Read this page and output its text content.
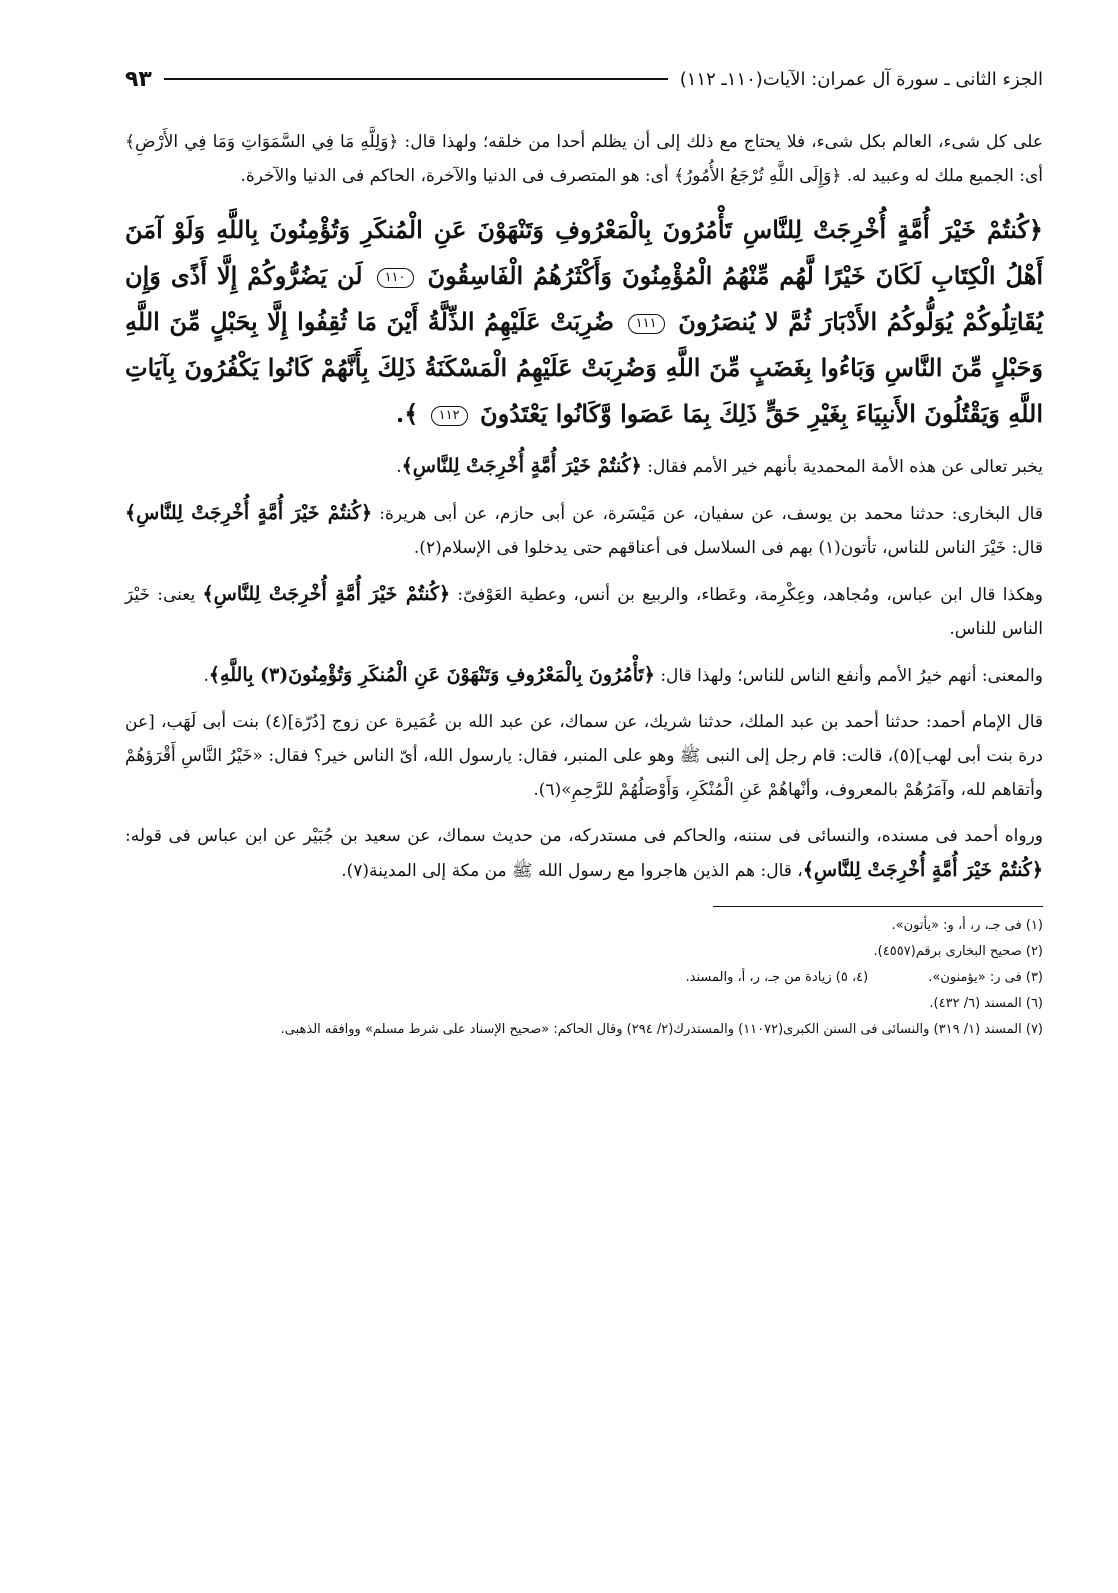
الجزء الثانى ـ سورة آل عمران: الآيات(١١٠ـ ١١٢)
٩٣

على كل شىء، العالم بكل شىء، فلا يحتاج مع ذلك إلى أن يظلم أحدا من خلقه؛ ولهذا قال: ﴿وَلِلَّهِ مَا فِي السَّمَوَاتِ وَمَا فِي الأَرْضِ﴾ أى: الجميع ملك له وعبيد له. ﴿وَإِلَى اللَّهِ تُرْجَعُ الأُمُورُ﴾ أى: هو المتصرف فى الدنيا والآخرة، الحاكم فى الدنيا والآخرة.

﴿كُنتُمْ خَيْرَ أُمَّةٍ أُخْرِجَتْ لِلنَّاسِ تَأْمُرُونَ بِالْمَعْرُوفِ وَتَنْهَوْنَ عَنِ الْمُنكَرِ وَتُؤْمِنُونَ بِاللَّهِ وَلَوْ آمَنَ أَهْلُ الْكِتَابِ لَكَانَ خَيْرًا لَّهُم مِّنْهُمُ الْمُؤْمِنُونَ وَأَكْثَرُهُمُ الْفَاسِقُونَ ١١٠ لَن يَضُرُّوكُمْ إِلَّا أَذًى وَإِن يُقَاتِلُوكُمْ يُوَلُّوكُمُ الأَدْبَارَ ثُمَّ لا يُنصَرُونَ ١١١ ضُرِبَتْ عَلَيْهِمُ الذِّلَّةُ أَيْنَ مَا ثُقِفُوا إِلَّا بِحَبْلٍ مِّنَ اللَّهِ وَحَبْلٍ مِّنَ النَّاسِ وَبَاءُوا بِغَضَبٍ مِّنَ اللَّهِ وَضُرِبَتْ عَلَيْهِمُ الْمَسْكَنَةُ ذَلِكَ بِأَنَّهُمْ كَانُوا يَكْفُرُونَ بِآيَاتِ اللَّهِ وَيَقْتُلُونَ الأَنبِيَاءَ بِغَيْرِ حَقٍّ ذَلِكَ بِمَا عَصَوا وَّكَانُوا يَعْتَدُونَ ١١٢ ﴾.

يخبر تعالى عن هذه الأمة المحمدية بأنهم خير الأمم فقال: ﴿كُنتُمْ خَيْرَ أُمَّةٍ أُخْرِجَتْ لِلنَّاسِ﴾.

قال البخارى: حدثنا محمد بن يوسف، عن سفيان، عن مَيْسَرة، عن أبى حازم، عن أبى هريرة: ﴿كُنتُمْ خَيْرَ أُمَّةٍ أُخْرِجَتْ لِلنَّاسِ﴾ قال: خَيْرَ الناس للناس، تأتون(١) بهم فى السلاسل فى أعناقهم حتى يدخلوا فى الإسلام(٢).

وهكذا قال ابن عباس، ومُجاهد، وعِكْرِمة، وعَطاء، والربيع بن أنس، وعطية العَوْفىّ: ﴿كُنتُمْ خَيْرَ أُمَّةٍ أُخْرِجَتْ لِلنَّاسِ﴾ يعنى: خَيْرَ الناس للناس.

والمعنى: أنهم خيرُ الأمم وأنفع الناس للناس؛ ولهذا قال: ﴿تَأْمُرُونَ بِالْمَعْرُوفِ وَتَنْهَوْنَ عَنِ الْمُنكَرِ وَتُؤْمِنُونَ(٣) بِاللَّهِ﴾.

قال الإمام أحمد: حدثنا أحمد بن عبد الملك، حدثنا شريك، عن سماك، عن عبد الله بن عُمَيرة عن زوج [دُرّة](٤) بنت أبى لَهَب، [عن درة بنت أبى لهب](٥)، قالت: قام رجل إلى النبى ﷺ وهو على المنبر، فقال: يارسول الله، أىّ الناس خير؟ فقال: «خَيْرُ النَّاسِ أَقْرَؤهُمْ وأتقاهم لله، وآمَرُهُمْ بالمعروف، وأنْهاهُمْ عَنِ الْمُنْكَرِ، وَأَوْصَلُهُمْ للرَّحِمِ»(٦).

ورواه أحمد فى مسنده، والنسائى فى سننه، والحاكم فى مستدركه، من حديث سماك، عن سعيد بن جُبَيْر عن ابن عباس فى قوله: ﴿كُنتُمْ خَيْرَ أُمَّةٍ أُخْرِجَتْ لِلنَّاسِ﴾، قال: هم الذين هاجروا مع رسول الله ﷺ من مكة إلى المدينة(٧).

(١) فى جـ، ر، أ، و: «يأتون».
(٢) صحيح البخارى برقم(٤٥٥٧).
(٣) فى ر: «يؤمنون».
(٤، ٥) زيادة من جـ، ر، أ، والمسند.
(٦) المسند (٦/ ٤٣٢).
(٧) المسند (١/ ٣١٩) والنسائى فى السنن الكبرى(١١٠٧٢) والمستدرك(٢/ ٢٩٤) وقال الحاكم: «صحيح الإسناد على شرط مسلم» ووافقه الذهبى.
